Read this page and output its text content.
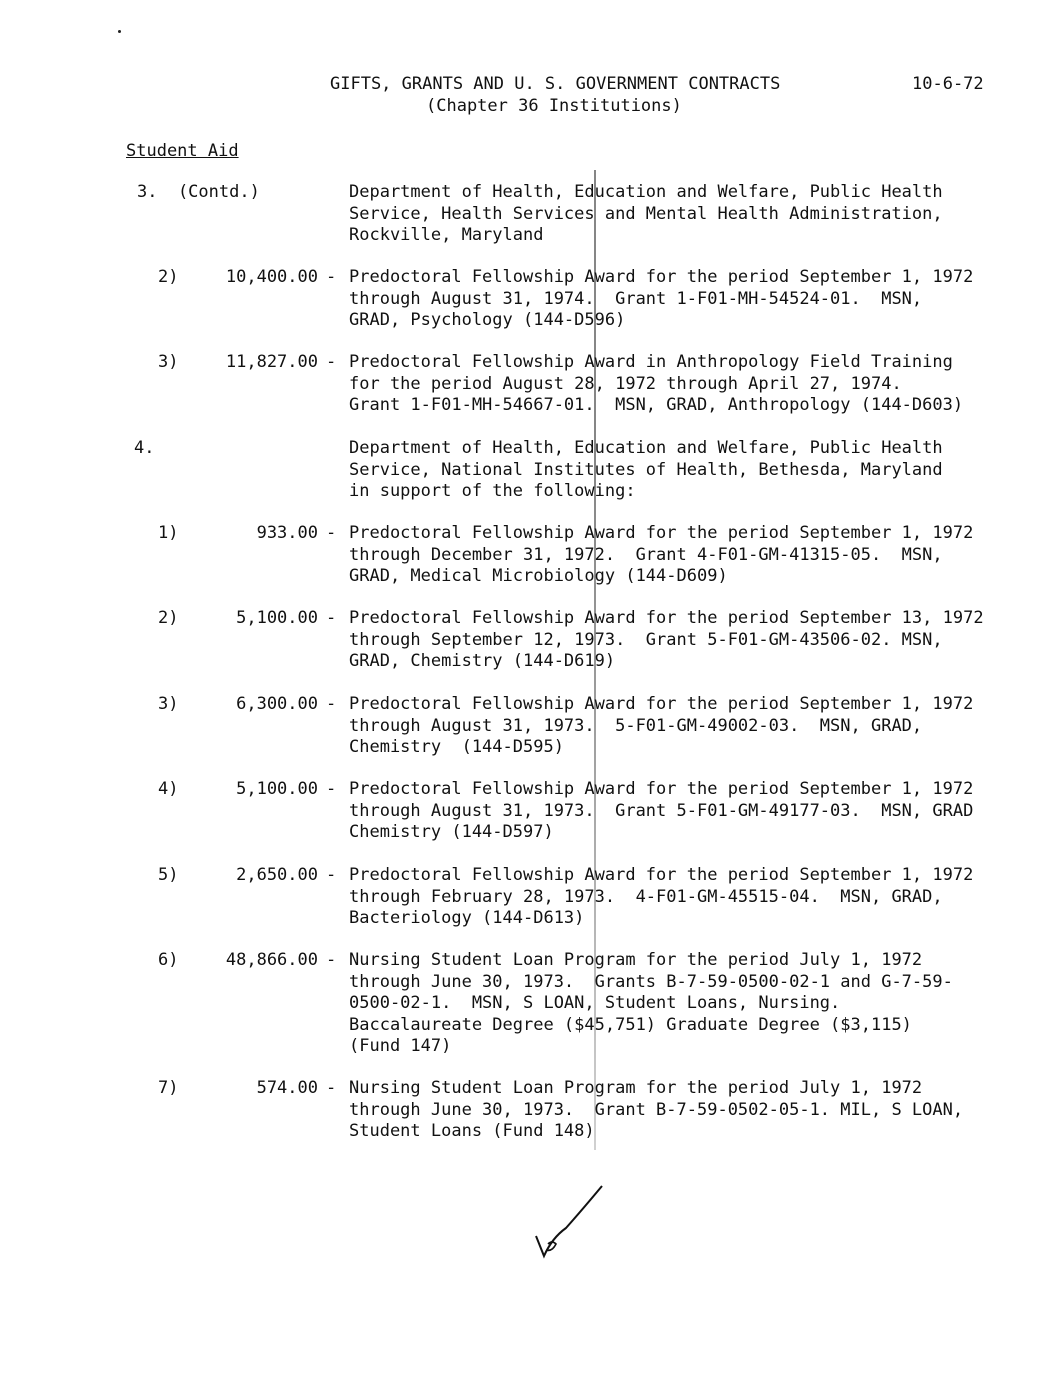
GIFTS, GRANTS AND U. S. GOVERNMENT CONTRACTS
(Chapter 36 Institutions)
10-6-72
Student Aid
3.  (Contd.)	Department of Health, Education and Welfare, Public Health
Service, Health Services and Mental Health Administration,
Rockville, Maryland
2)	10,400.00 - Predoctoral Fellowship Award for the period September 1, 1972
through August 31, 1974.  Grant 1-F01-MH-54524-01.  MSN,
GRAD, Psychology (144-D596)
3)	11,827.00 - Predoctoral Fellowship Award in Anthropology Field Training
for the period August 28, 1972 through April 27, 1974.
Grant 1-F01-MH-54667-01.  MSN, GRAD, Anthropology (144-D603)
4.	Department of Health, Education and Welfare, Public Health
Service, National Institutes of Health, Bethesda, Maryland
in support of the following:
1)	933.00 - Predoctoral Fellowship Award for the period September 1, 1972
through December 31, 1972.  Grant 4-F01-GM-41315-05.  MSN,
GRAD, Medical Microbiology (144-D609)
2)	5,100.00 - Predoctoral Fellowship Award for the period September 13, 1972
through September 12, 1973.  Grant 5-F01-GM-43506-02. MSN,
GRAD, Chemistry (144-D619)
3)	6,300.00 - Predoctoral Fellowship Award for the period September 1, 1972
through August 31, 1973.  5-F01-GM-49002-03.  MSN, GRAD,
Chemistry  (144-D595)
4)	5,100.00 - Predoctoral Fellowship Award for the period September 1, 1972
through August 31, 1973.  Grant 5-F01-GM-49177-03.  MSN, GRAD
Chemistry (144-D597)
5)	2,650.00 - Predoctoral Fellowship Award for the period September 1, 1972
through February 28, 1973.  4-F01-GM-45515-04.  MSN, GRAD,
Bacteriology (144-D613)
6)	48,866.00 - Nursing Student Loan Program for the period July 1, 1972
through June 30, 1973.  Grants B-7-59-0500-02-1 and G-7-59-
0500-02-1.  MSN, S LOAN, Student Loans, Nursing.
Baccalaureate Degree ($45,751) Graduate Degree ($3,115)
(Fund 147)
7)	574.00 - Nursing Student Loan Program for the period July 1, 1972
through June 30, 1973.  Grant B-7-59-0502-05-1. MIL, S LOAN,
Student Loans (Fund 148)
